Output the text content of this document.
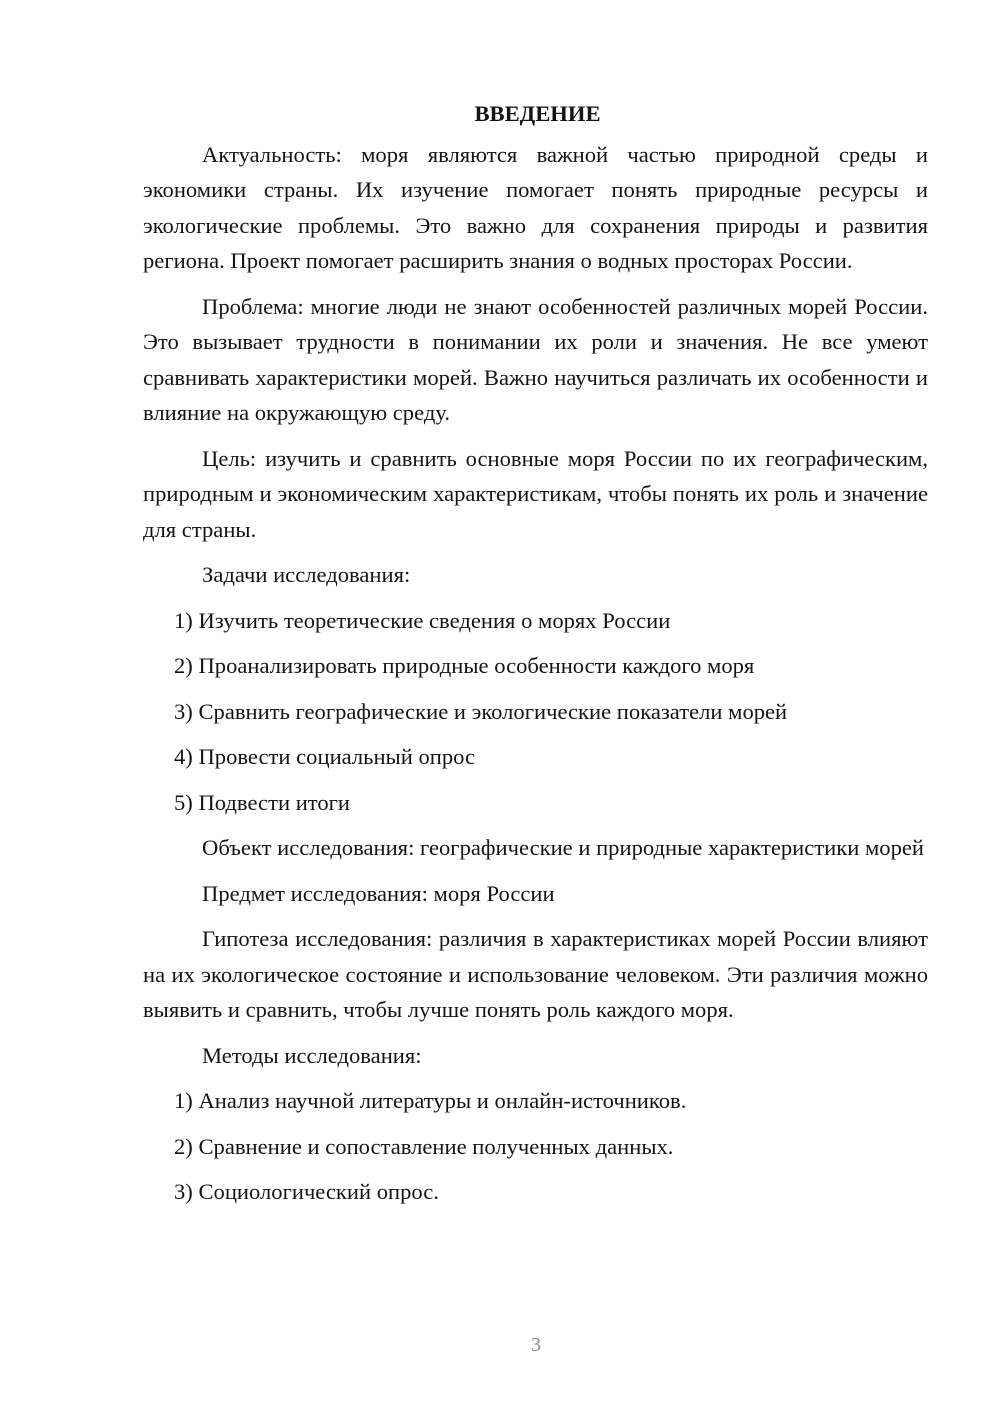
ВВЕДЕНИЕ

Актуальность: моря являются важной частью природной среды и экономики страны. Их изучение помогает понять природные ресурсы и экологические проблемы. Это важно для сохранения природы и развития региона. Проект помогает расширить знания о водных просторах России.

Проблема: многие люди не знают особенностей различных морей России. Это вызывает трудности в понимании их роли и значения. Не все умеют сравнивать характеристики морей. Важно научиться различать их особенности и влияние на окружающую среду.

Цель: изучить и сравнить основные моря России по их географическим, природным и экономическим характеристикам, чтобы понять их роль и значение для страны.

Задачи исследования:
1) Изучить теоретические сведения о морях России
2) Проанализировать природные особенности каждого моря
3) Сравнить географические и экологические показатели морей
4) Провести социальный опрос
5) Подвести итоги

Объект исследования: географические и природные характеристики морей

Предмет исследования: моря России

Гипотеза исследования: различия в характеристиках морей России влияют на их экологическое состояние и использование человеком. Эти различия можно выявить и сравнить, чтобы лучше понять роль каждого моря.

Методы исследования:
1) Анализ научной литературы и онлайн-источников.
2) Сравнение и сопоставление полученных данных.
3) Социологический опрос.
3
